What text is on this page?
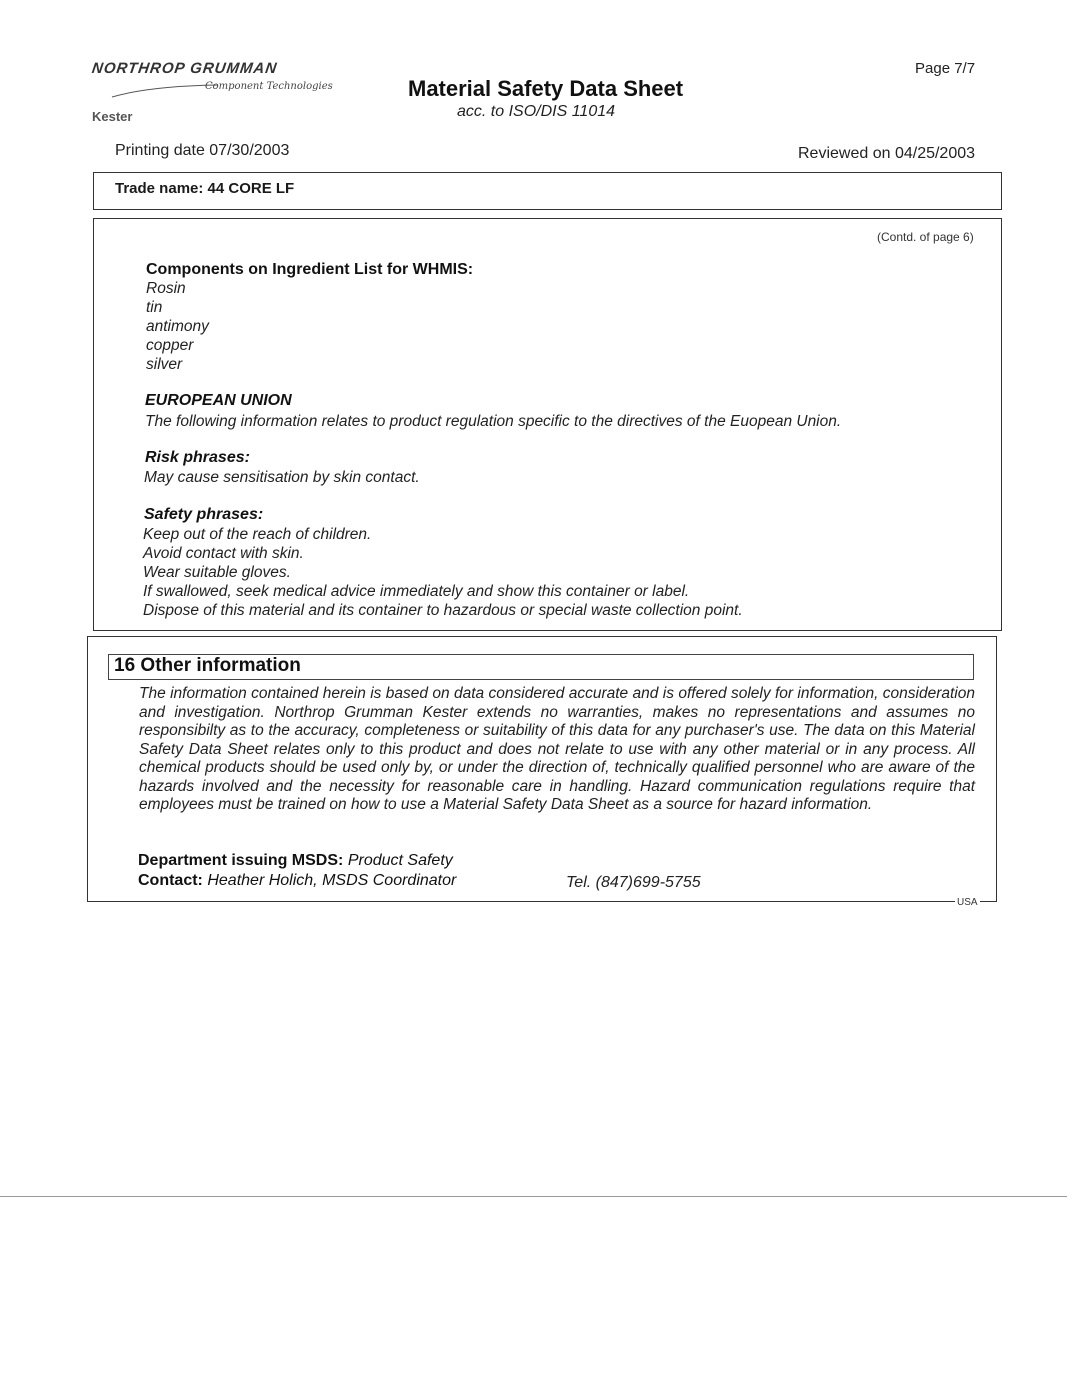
NORTHROP GRUMMAN
Component Technologies
Kester
Material Safety Data Sheet
acc. to ISO/DIS 11014
Page 7/7
Printing date 07/30/2003	Reviewed on 04/25/2003
Trade name: 44 CORE LF
(Contd. of page 6)
Components on Ingredient List for WHMIS:
Rosin
tin
antimony
copper
silver
EUROPEAN UNION
The following information relates to product regulation specific to the directives of the Euopean Union.
Risk phrases:
May cause sensitisation by skin contact.
Safety phrases:
Keep out of the reach of children.
Avoid contact with skin.
Wear suitable gloves.
If swallowed, seek medical advice immediately and show this container or label.
Dispose of this material and its container to hazardous or special waste collection point.
16 Other information
The information contained herein is based on data considered accurate and is offered solely for information, consideration and investigation. Northrop Grumman Kester extends no warranties, makes no representations and assumes no responsibilty as to the accuracy, completeness or suitability of this data for any purchaser's use. The data on this Material Safety Data Sheet relates only to this product and does not relate to use with any other material or in any process. All chemical products should be used only by, or under the direction of, technically qualified personnel who are aware of the hazards involved and the necessity for reasonable care in handling. Hazard communication regulations require that employees must be trained on how to use a Material Safety Data Sheet as a source for hazard information.
Department issuing MSDS: Product Safety
Contact: Heather Holich, MSDS Coordinator	Tel. (847)699-5755
USA
